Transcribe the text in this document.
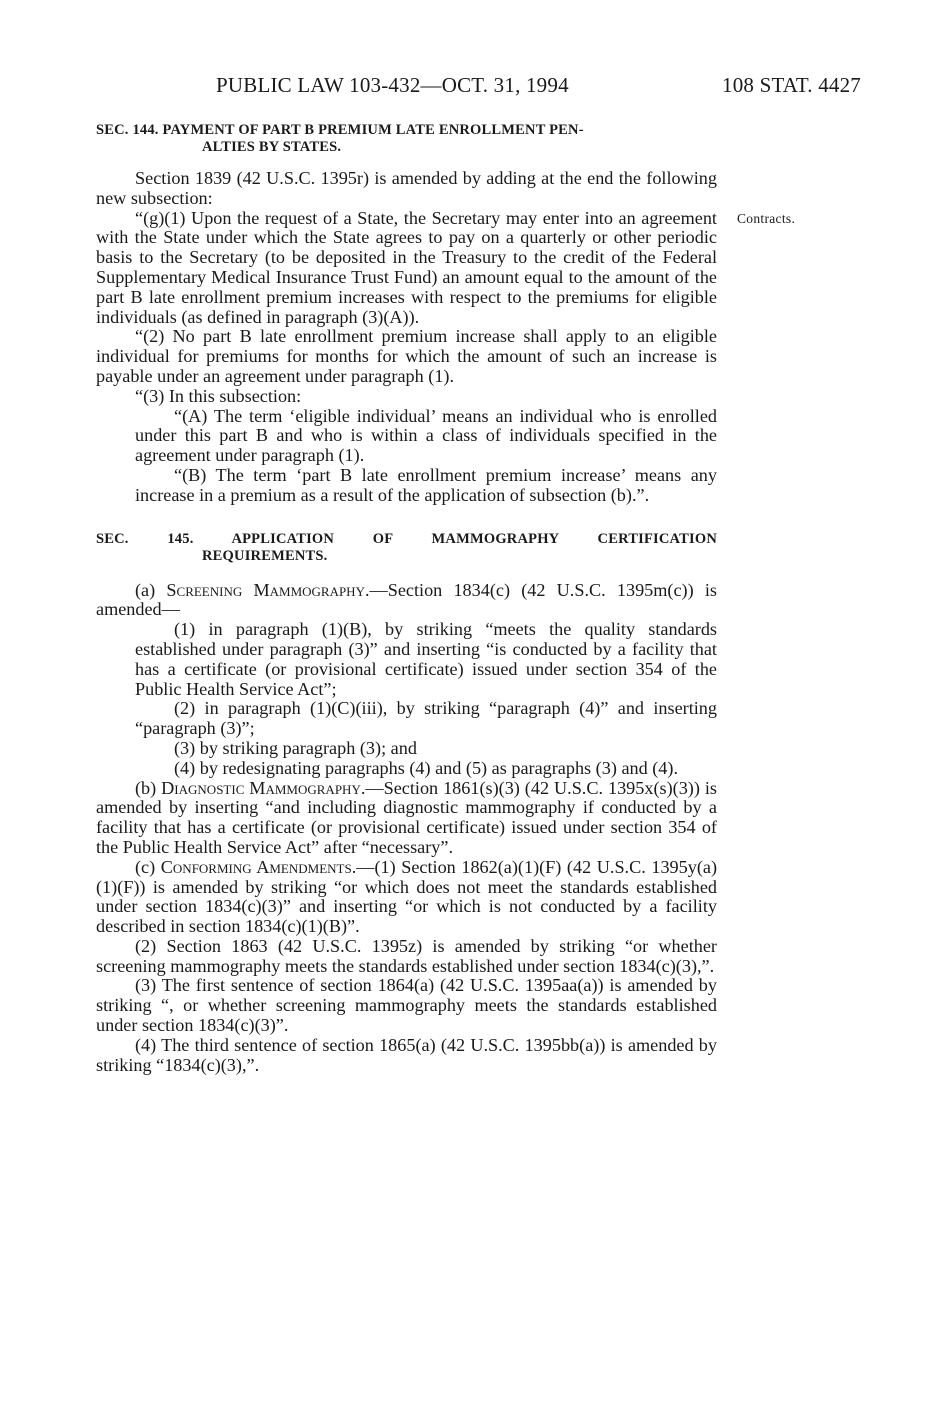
PUBLIC LAW 103-432—OCT. 31, 1994	108 STAT. 4427
Contracts.
SEC. 144. PAYMENT OF PART B PREMIUM LATE ENROLLMENT PEN-
ALTIES BY STATES.

Section 1839 (42 U.S.C. 1395r) is amended by adding at the end the following new subsection:

“(g)(1) Upon the request of a State, the Secretary may enter into an agreement with the State under which the State agrees to pay on a quarterly or other periodic basis to the Secretary (to be deposited in the Treasury to the credit of the Federal Supplementary Medical Insurance Trust Fund) an amount equal to the amount of the part B late enrollment premium increases with respect to the premiums for eligible individuals (as defined in paragraph (3)(A)).

“(2) No part B late enrollment premium increase shall apply to an eligible individual for premiums for months for which the amount of such an increase is payable under an agreement under paragraph (1).

“(3) In this subsection:

“(A) The term ‘eligible individual’ means an individual who is enrolled under this part B and who is within a class of individuals specified in the agreement under paragraph (1).

“(B) The term ‘part B late enrollment premium increase’ means any increase in a premium as a result of the application of subsection (b).”.

SEC. 145. APPLICATION OF MAMMOGRAPHY CERTIFICATION
REQUIREMENTS.

(a) Screening Mammography.—Section 1834(c) (42 U.S.C. 1395m(c)) is amended—

(1) in paragraph (1)(B), by striking “meets the quality standards established under paragraph (3)” and inserting “is conducted by a facility that has a certificate (or provisional certificate) issued under section 354 of the Public Health Service Act”;

(2) in paragraph (1)(C)(iii), by striking “paragraph (4)” and inserting “paragraph (3)”;

(3) by striking paragraph (3); and

(4) by redesignating paragraphs (4) and (5) as paragraphs (3) and (4).

(b) Diagnostic Mammography.—Section 1861(s)(3) (42 U.S.C. 1395x(s)(3)) is amended by inserting “and including diagnostic mammography if conducted by a facility that has a certificate (or provisional certificate) issued under section 354 of the Public Health Service Act” after “necessary”.

(c) Conforming Amendments.—(1) Section 1862(a)(1)(F) (42 U.S.C. 1395y(a)(1)(F)) is amended by striking “or which does not meet the standards established under section 1834(c)(3)” and inserting “or which is not conducted by a facility described in section 1834(c)(1)(B)”.

(2) Section 1863 (42 U.S.C. 1395z) is amended by striking “or whether screening mammography meets the standards established under section 1834(c)(3),”.

(3) The first sentence of section 1864(a) (42 U.S.C. 1395aa(a)) is amended by striking “, or whether screening mammography meets the standards established under section 1834(c)(3)”.

(4) The third sentence of section 1865(a) (42 U.S.C. 1395bb(a)) is amended by striking “1834(c)(3),”.
